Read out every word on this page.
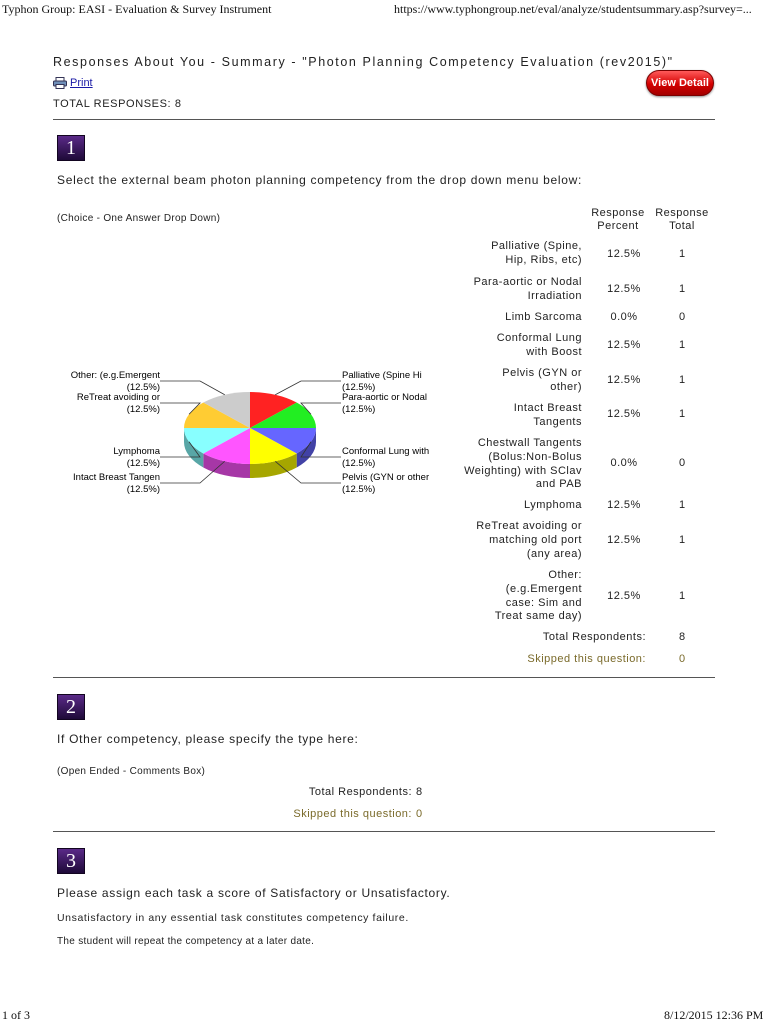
Typhon Group: EASI - Evaluation & Survey Instrument	https://www.typhongroup.net/eval/analyze/studentsummary.asp?survey=...
Responses About You - Summary - "Photon Planning Competency Evaluation (rev2015)"
Print
TOTAL RESPONSES: 8
View Detail
1
Select the external beam photon planning competency from the drop down menu below:
(Choice - One Answer Drop Down)	Response
Percent
Response
Total
Palliative (Spine, Hip, Ribs, etc)	12.5%	1
Para-aortic or Nodal Irradiation
12.5%	1
Limb Sarcoma	0.0%	0
Conformal Lung with Boost
12.5%	1
Pelvis (GYN or other)
12.5%	1
Intact Breast Tangents
12.5%	1
Chestwall Tangents (Bolus:Non-Bolus Weighting) with SClav and PAB
0.0%	0
Lymphoma	12.5%	1
ReTreat avoiding or matching old port (any area)
12.5%	1
Other: (e.g.Emergent case: Sim and Treat same day)
12.5%	1
Total Respondents:	8
Skipped this question:	0
Palliative (Spine Hi
(12.5%)
Para-aortic or Nodal
(12.5%)
Conformal Lung with
(12.5%)
Pelvis (GYN or other
(12.5%)
Other: (e.g.Emergent
(12.5%)
ReTreat avoiding or
(12.5%)
Lymphoma
(12.5%)
Intact Breast Tangen
(12.5%)
2
If Other competency, please specify the type here:
(Open Ended - Comments Box)
Total Respondents: 8
Skipped this question: 0
3
Please assign each task a score of Satisfactory or Unsatisfactory.
Unsatisfactory in any essential task constitutes competency failure.
The student will repeat the competency at a later date.
1 of 3	8/12/2015 12:36 PM
